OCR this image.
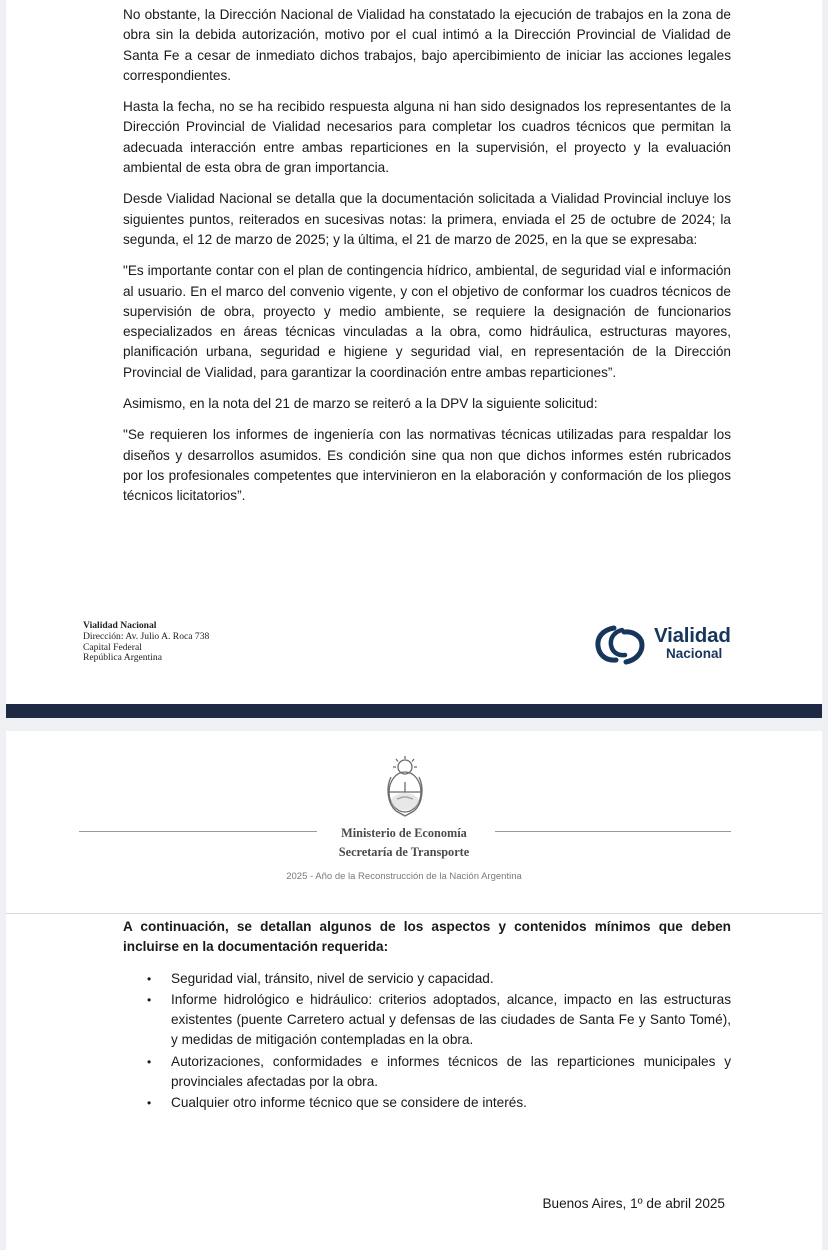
No obstante, la Dirección Nacional de Vialidad ha constatado la ejecución de trabajos en la zona de obra sin la debida autorización, motivo por el cual intimó a la Dirección Provincial de Vialidad de Santa Fe a cesar de inmediato dichos trabajos, bajo apercibimiento de iniciar las acciones legales correspondientes.

Hasta la fecha, no se ha recibido respuesta alguna ni han sido designados los representantes de la Dirección Provincial de Vialidad necesarios para completar los cuadros técnicos que permitan la adecuada interacción entre ambas reparticiones en la supervisión, el proyecto y la evaluación ambiental de esta obra de gran importancia.

Desde Vialidad Nacional se detalla que la documentación solicitada a Vialidad Provincial incluye los siguientes puntos, reiterados en sucesivas notas: la primera, enviada el 25 de octubre de 2024; la segunda, el 12 de marzo de 2025; y la última, el 21 de marzo de 2025, en la que se expresaba:

"Es importante contar con el plan de contingencia hídrico, ambiental, de seguridad vial e información al usuario. En el marco del convenio vigente, y con el objetivo de conformar los cuadros técnicos de supervisión de obra, proyecto y medio ambiente, se requiere la designación de funcionarios especializados en áreas técnicas vinculadas a la obra, como hidráulica, estructuras mayores, planificación urbana, seguridad e higiene y seguridad vial, en representación de la Dirección Provincial de Vialidad, para garantizar la coordinación entre ambas reparticiones”.

Asimismo, en la nota del 21 de marzo se reiteró a la DPV la siguiente solicitud:

"Se requieren los informes de ingeniería con las normativas técnicas utilizadas para respaldar los diseños y desarrollos asumidos. Es condición sine qua non que dichos informes estén rubricados por los profesionales competentes que intervinieron en la elaboración y conformación de los pliegos técnicos licitatorios”.

Vialidad Nacional
Dirección: Av. Julio A. Roca 738
Capital Federal
República Argentina
Vialidad
Nacional
Ministerio de Economía
Secretaría de Transporte
2025 - Año de la Reconstrucción de la Nación Argentina

A continuación, se detallan algunos de los aspectos y contenidos mínimos que deben incluirse en la documentación requerida:

• Seguridad vial, tránsito, nivel de servicio y capacidad.
• Informe hidrológico e hidráulico: criterios adoptados, alcance, impacto en las estructuras existentes (puente Carretero actual y defensas de las ciudades de Santa Fe y Santo Tomé), y medidas de mitigación contempladas en la obra.
• Autorizaciones, conformidades e informes técnicos de las reparticiones municipales y provinciales afectadas por la obra.
• Cualquier otro informe técnico que se considere de interés.
Buenos Aires, 1º de abril 2025
